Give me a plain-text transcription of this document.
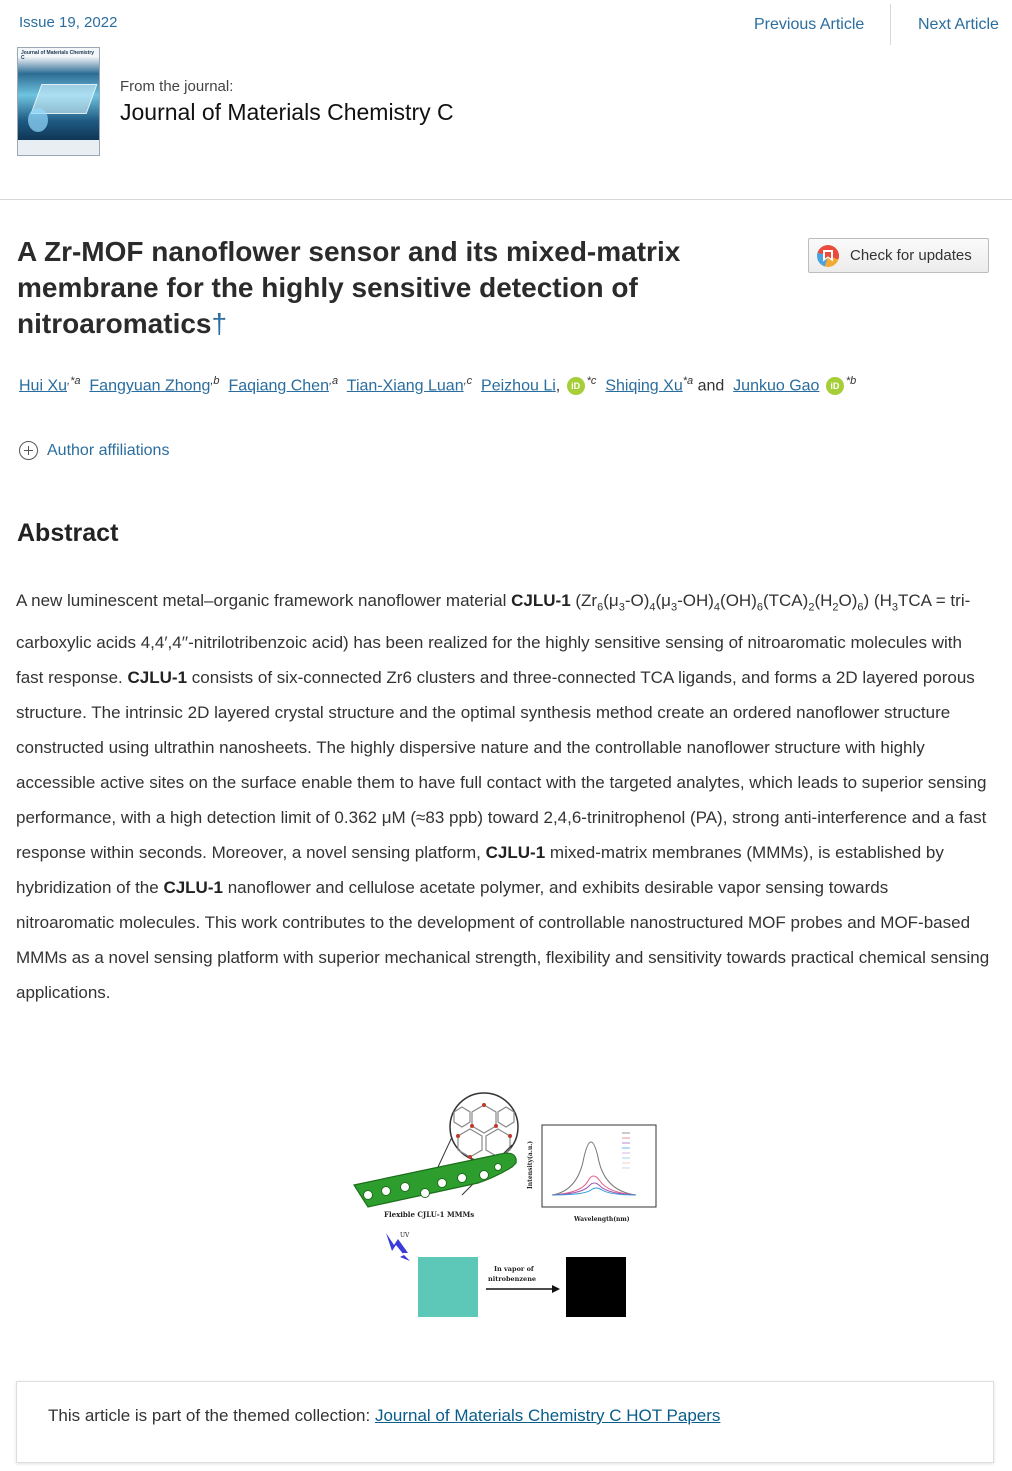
Issue 19, 2022	Previous Article	Next Article
Journal of Materials Chemistry C
From the journal:
Journal of Materials Chemistry C
A Zr-MOF nanoflower sensor and its mixed-matrix membrane for the highly sensitive detection of nitroaromatics†
Check for updates
Hui Xu$^{,*a}$ Fangyuan Zhong$^{,b}$ Faqiang Chen$^{,a}$ Tian-Xiang Luan$^{,c}$ Peizhou Li, iD $^{*c}$ Shiqing Xu$^{*a}$ and Junkuo Gao iD $^{*b}$
Author affiliations
Abstract

A new luminescent metal–organic framework nanoflower material CJLU-1 $(Zr_6(\mu_3-O)_4(\mu_3-OH)_4(OH)_6(TCA)_2(H_2O)_6) (H_3TCA$ = tri-carboxylic acids 4,4′,4′′-nitrilotribenzoic acid) has been realized for the highly sensitive sensing of nitroaromatic molecules with fast response. CJLU-1 consists of six-connected Zr6 clusters and three-connected TCA ligands, and forms a 2D layered porous structure. The intrinsic 2D layered crystal structure and the optimal synthesis method create an ordered nanoflower structure constructed using ultrathin nanosheets. The highly dispersive nature and the controllable nanoflower structure with highly accessible active sites on the surface enable them to have full contact with the targeted analytes, which leads to superior sensing performance, with a high detection limit of 0.362 μM (≈83 ppb) toward 2,4,6-trinitrophenol (PA), strong anti-interference and a fast response within seconds. Moreover, a novel sensing platform, CJLU-1 mixed-matrix membranes (MMMs), is established by hybridization of the CJLU-1 nanoflower and cellulose acetate polymer, and exhibits desirable vapor sensing towards nitroaromatic molecules. This work contributes to the development of controllable nanostructured MOF probes and MOF-based MMMs as a novel sensing platform with superior mechanical strength, flexibility and sensitivity towards practical chemical sensing applications.

Flexible CJLU-1 MMMs
Wavelength(nm)
Intensity(a.u.)
UV
In vapor of
nitrobenzene
This article is part of the themed collection: Journal of Materials Chemistry C HOT Papers
